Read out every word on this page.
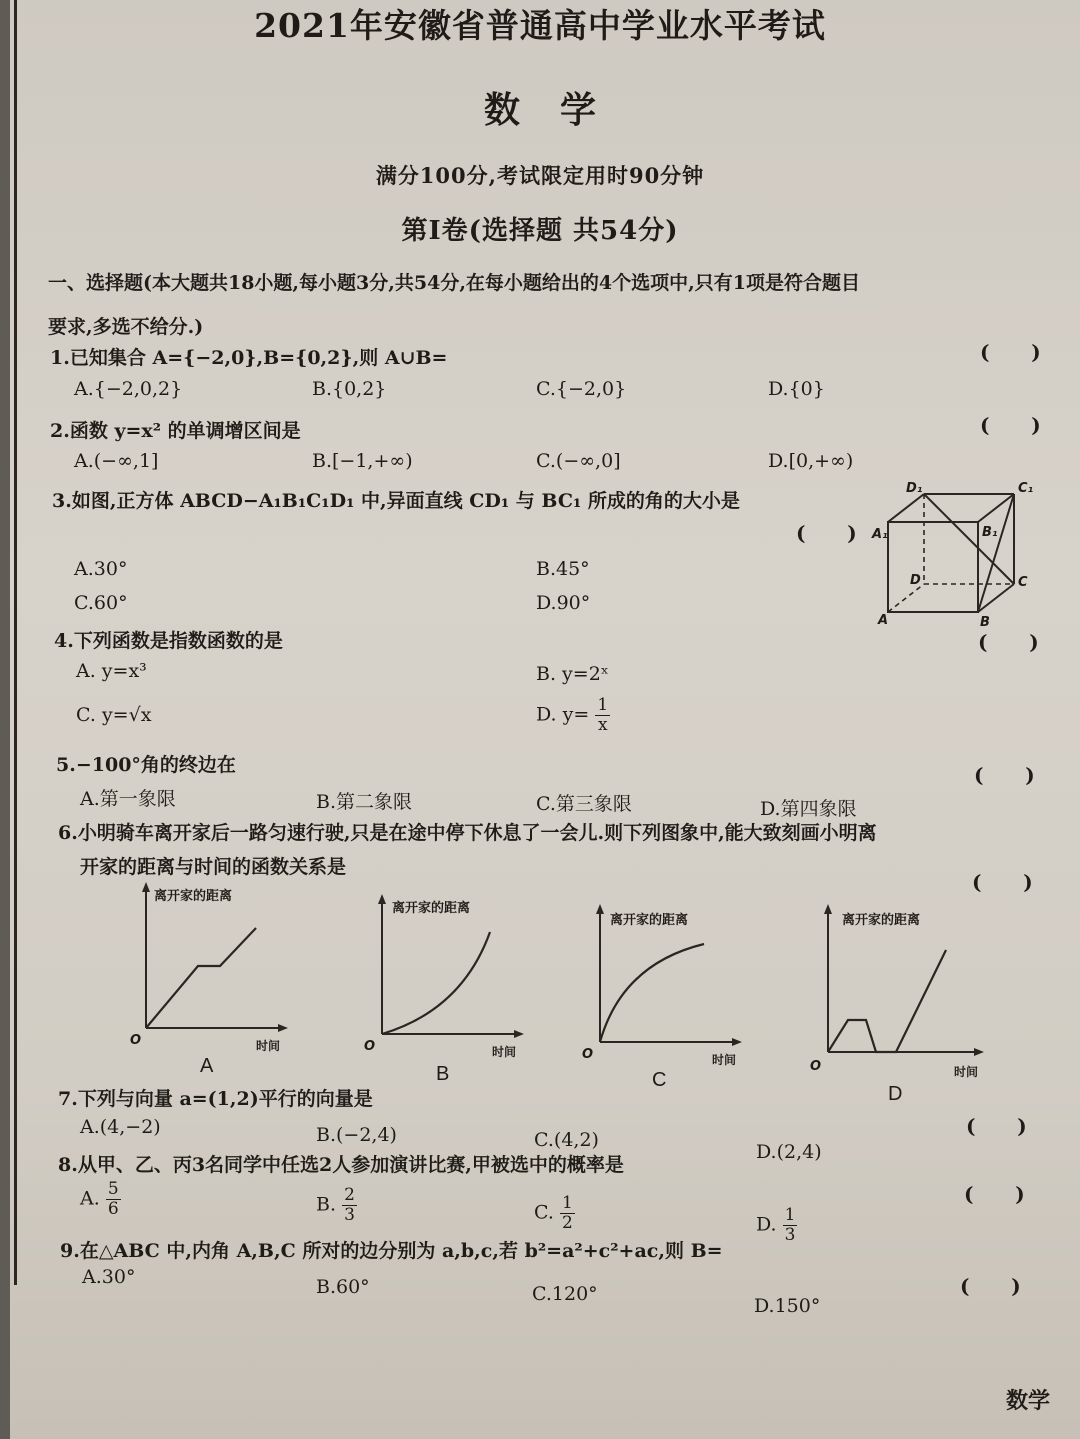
2021年安徽省普通高中学业水平考试
数学
满分100分,考试限定用时90分钟
第Ⅰ卷(选择题 共54分)
一、选择题(本大题共18小题,每小题3分,共54分,在每小题给出的4个选项中,只有1项是符合题目
要求,多选不给分.)
1.已知集合 A={−2,0},B={0,2},则 A∪B=	(      )
A.{−2,0,2}	B.{0,2}	C.{−2,0}	D.{0}
2.函数 y=x² 的单调增区间是	(      )
A.(−∞,1]	B.[−1,+∞)	C.(−∞,0]	D.[0,+∞)
3.如图,正方体 ABCD−A₁B₁C₁D₁ 中,异面直线 CD₁ 与 BC₁ 所成的角的大小是
(      )
A.30°	B.45°
C.60°	D.90°
D₁	C₁
A₁	B₁
D	C
A	B
4.下列函数是指数函数的是	(      )
A. y=x³	B. y=2ˣ
C. y=√x	D. $y= \frac{1}{x}$
5.−100°角的终边在	(      )
A.第一象限	B.第二象限	C.第三象限	D.第四象限
6.小明骑车离开家后一路匀速行驶,只是在途中停下休息了一会儿.则下列图象中,能大致刻画小明离
开家的距离与时间的函数关系是
(      )
离开家的距离
时间
O
A
离开家的距离
时间
O
B
离开家的距离
时间
O
C
离开家的距离
时间
O
D
7.下列与向量 a=(1,2)平行的向量是
(      )
A.(4,−2)	B.(−2,4)	C.(4,2)
D.(2,4)
8.从甲、乙、丙3名同学中任选2人参加演讲比赛,甲被选中的概率是
(      )
A. $\frac{5}{6}$	B. $\frac{2}{3}$	C. $\frac{1}{2}$	D. $\frac{1}{3}$
9.在△ABC 中,内角 A,B,C 所对的边分别为 a,b,c,若 b²=a²+c²+ac,则 B=
(      )
A.30°	B.60°	C.120°
D.150°
数学
